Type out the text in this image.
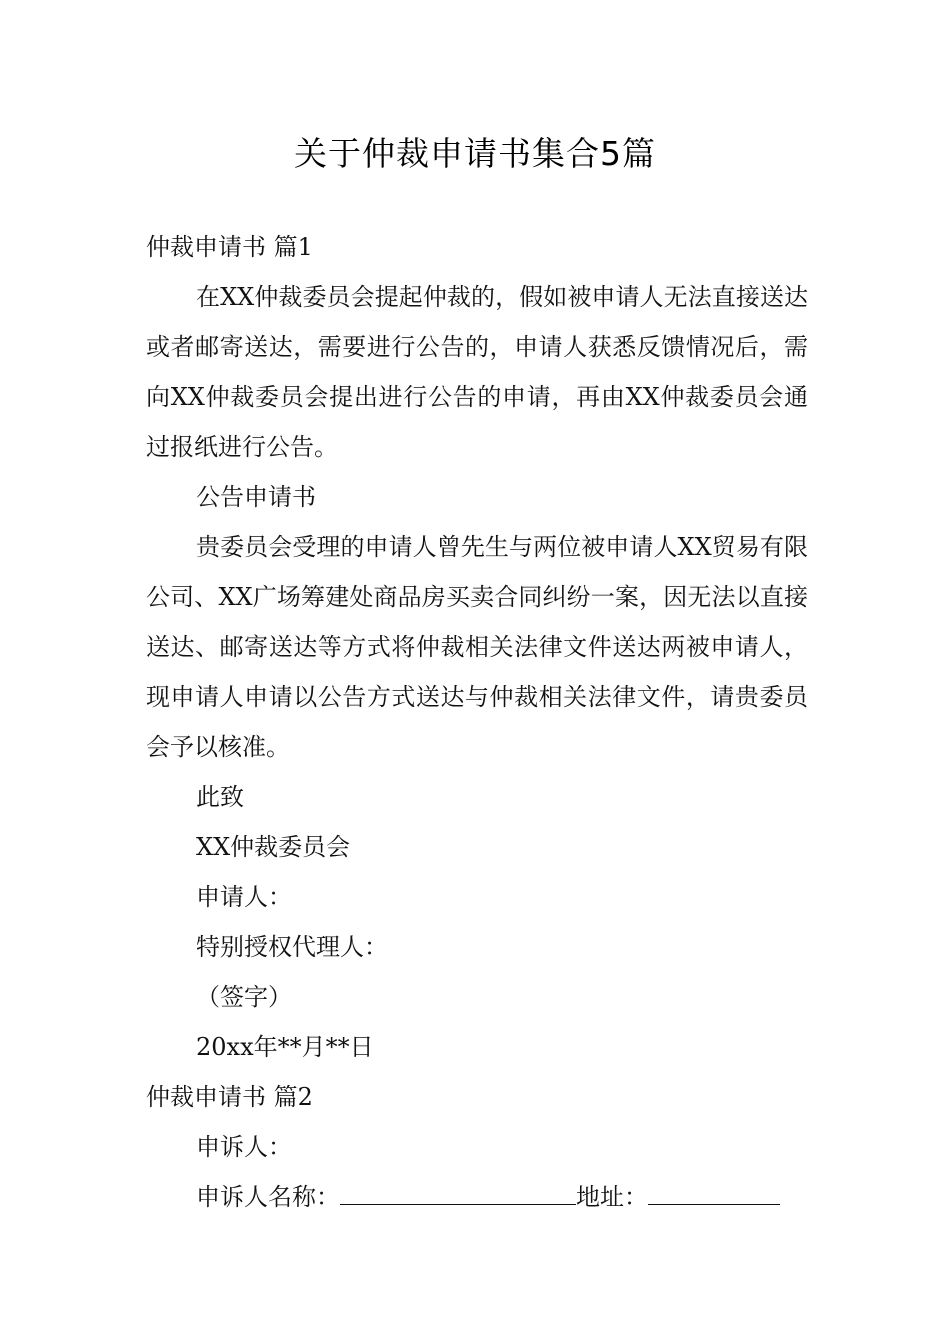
关于仲裁申请书集合5篇

仲裁申请书 篇1

在XX仲裁委员会提起仲裁的，假如被申请人无法直接送达或者邮寄送达，需要进行公告的，申请人获悉反馈情况后，需向XX仲裁委员会提出进行公告的申请，再由XX仲裁委员会通过报纸进行公告。

公告申请书

贵委员会受理的申请人曾先生与两位被申请人XX贸易有限公司、XX广场筹建处商品房买卖合同纠纷一案，因无法以直接送达、邮寄送达等方式将仲裁相关法律文件送达两被申请人，现申请人申请以公告方式送达与仲裁相关法律文件，请贵委员会予以核准。

此致

XX仲裁委员会

申请人：

特别授权代理人：

（签字）

20xx年**月**日

仲裁申请书 篇2

申诉人：

申诉人名称：	地址：
